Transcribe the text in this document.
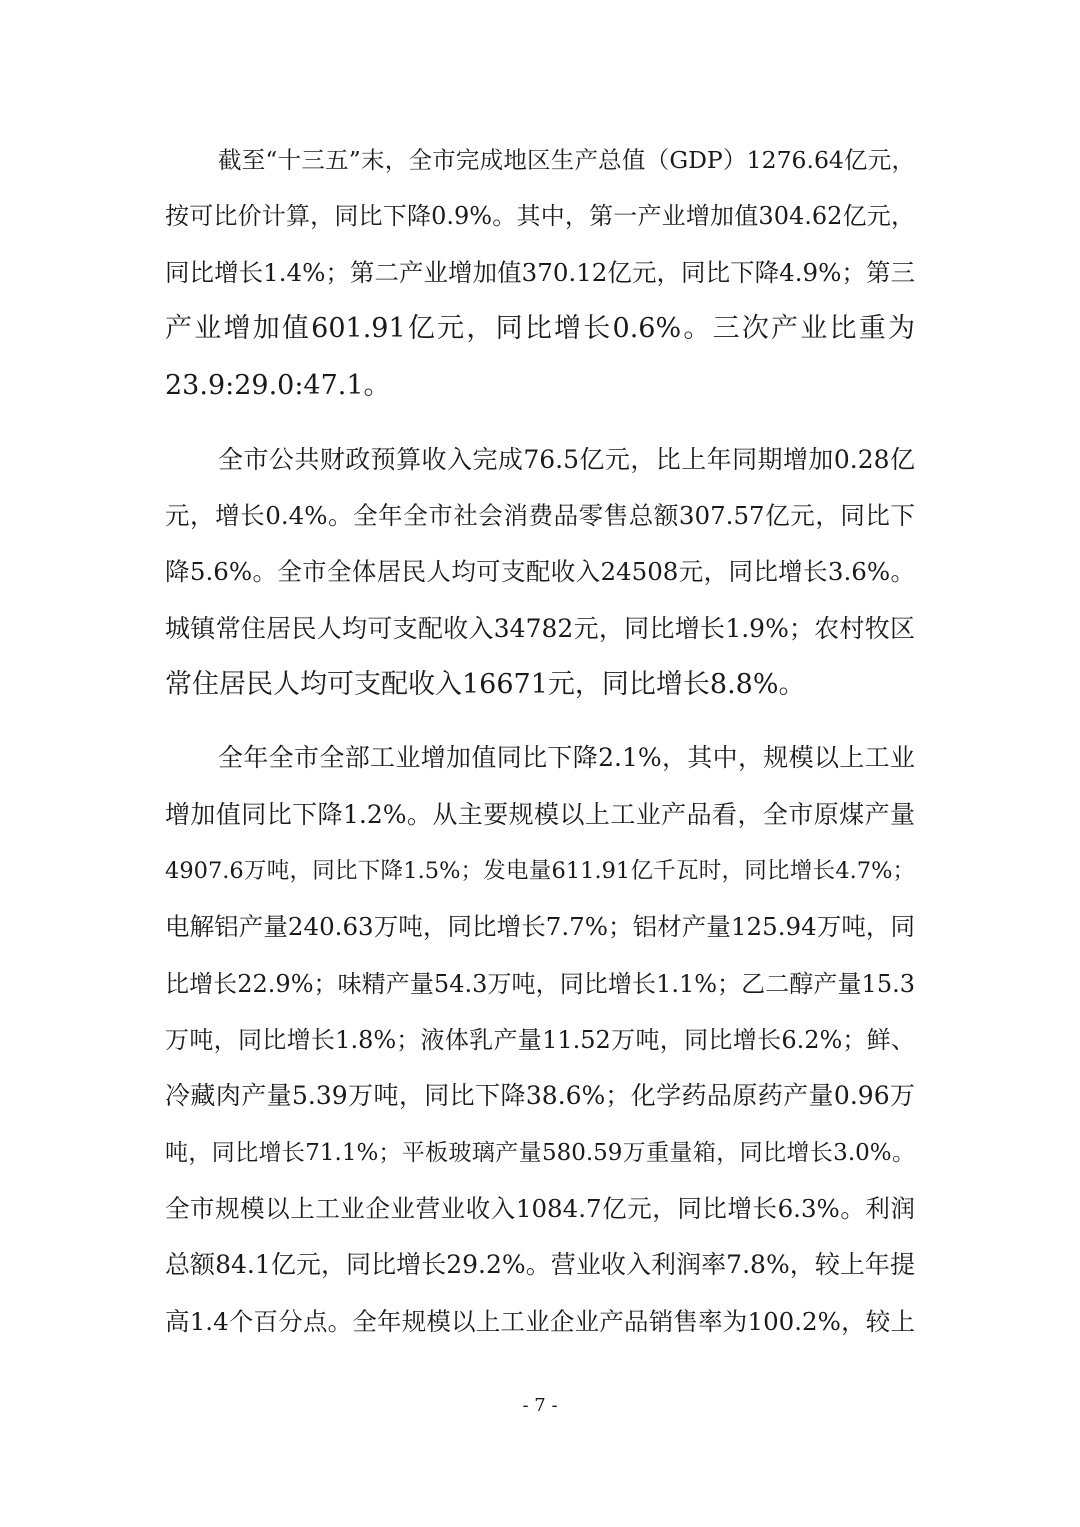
截至“十三五”末，全市完成地区生产总值（GDP）1276.64亿元，
按可比价计算，同比下降0.9%。其中，第一产业增加值304.62亿元，
同比增长1.4%；第二产业增加值370.12亿元，同比下降4.9%；第三
产业增加值601.91亿元，同比增长0.6%。三次产业比重为
23.9:29.0:47.1。
全市公共财政预算收入完成76.5亿元，比上年同期增加0.28亿
元，增长0.4%。全年全市社会消费品零售总额307.57亿元，同比下
降5.6%。全市全体居民人均可支配收入24508元，同比增长3.6%。
城镇常住居民人均可支配收入34782元，同比增长1.9%；农村牧区
常住居民人均可支配收入16671元，同比增长8.8%。
全年全市全部工业增加值同比下降2.1%，其中，规模以上工业
增加值同比下降1.2%。从主要规模以上工业产品看，全市原煤产量
4907.6万吨，同比下降1.5%；发电量611.91亿千瓦时，同比增长4.7%；
电解铝产量240.63万吨，同比增长7.7%；铝材产量125.94万吨，同
比增长22.9%；味精产量54.3万吨，同比增长1.1%；乙二醇产量15.3
万吨，同比增长1.8%；液体乳产量11.52万吨，同比增长6.2%；鲜、
冷藏肉产量5.39万吨，同比下降38.6%；化学药品原药产量0.96万
吨，同比增长71.1%；平板玻璃产量580.59万重量箱，同比增长3.0%。
全市规模以上工业企业营业收入1084.7亿元，同比增长6.3%。利润
总额84.1亿元，同比增长29.2%。营业收入利润率7.8%，较上年提
高1.4个百分点。全年规模以上工业企业产品销售率为100.2%，较上
- 7 -
